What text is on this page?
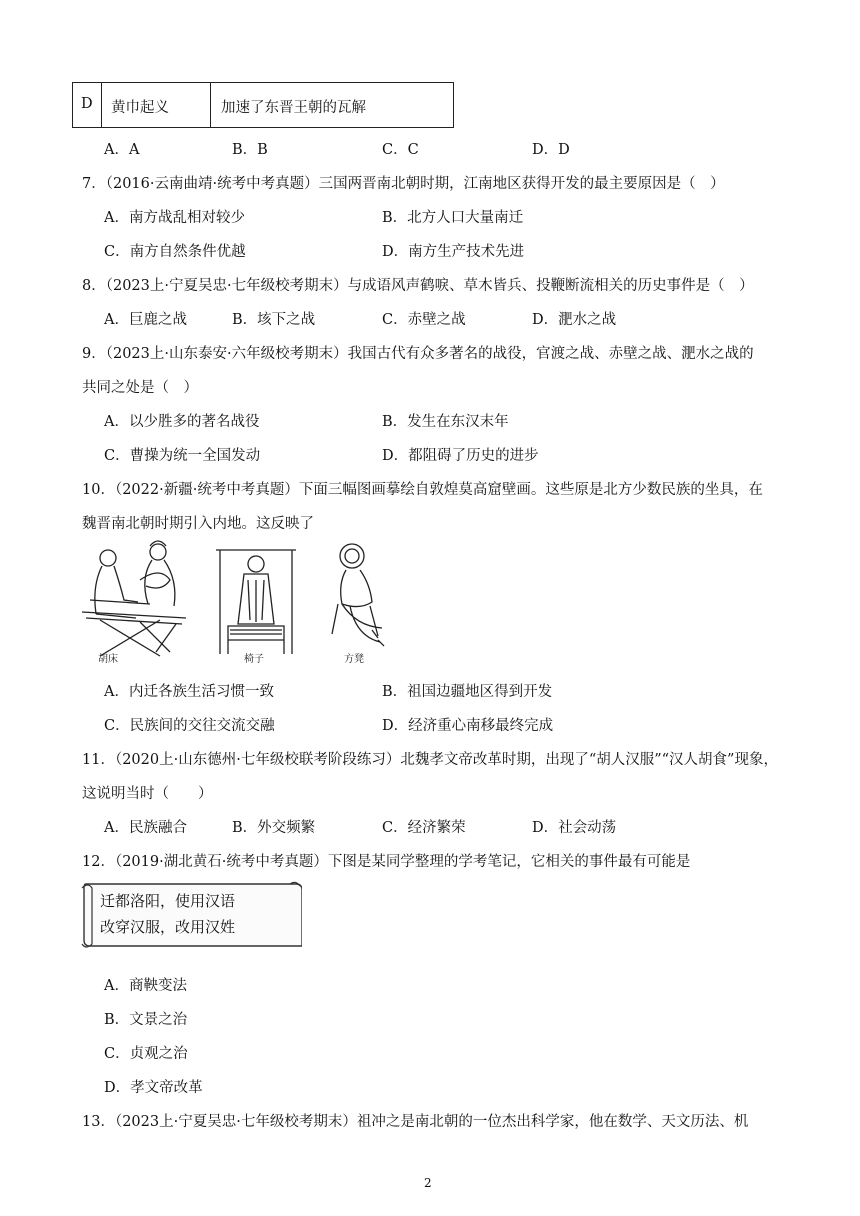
D 黄巾起义	加速了东晋王朝的瓦解
A．A	B．B	C．C	D．D
7．（2016·云南曲靖·统考中考真题）三国两晋南北朝时期，江南地区获得开发的最主要原因是（　）
A．南方战乱相对较少	B．北方人口大量南迁
C．南方自然条件优越	D．南方生产技术先进
8．（2023上·宁夏吴忠·七年级校考期末）与成语风声鹤唳、草木皆兵、投鞭断流相关的历史事件是（　）
A．巨鹿之战	B．垓下之战	C．赤壁之战	D．淝水之战
9．（2023上·山东泰安·六年级校考期末）我国古代有众多著名的战役，官渡之战、赤壁之战、淝水之战的
共同之处是（　）
A．以少胜多的著名战役	B．发生在东汉末年
C．曹操为统一全国发动	D．都阻碍了历史的进步
10．（2022·新疆·统考中考真题）下面三幅图画摹绘自敦煌莫高窟壁画。这些原是北方少数民族的坐具，在
魏晋南北朝时期引入内地。这反映了
胡床	椅子	方凳
A．内迁各族生活习惯一致	B．祖国边疆地区得到开发
C．民族间的交往交流交融	D．经济重心南移最终完成
11．（2020上·山东德州·七年级校联考阶段练习）北魏孝文帝改革时期，出现了“胡人汉服”“汉人胡食”现象，
这说明当时（　　）
A．民族融合	B．外交频繁	C．经济繁荣	D．社会动荡
12．（2019·湖北黄石·统考中考真题）下图是某同学整理的学考笔记，它相关的事件最有可能是
迁都洛阳，使用汉语
改穿汉服，改用汉姓
A．商鞅变法
B．文景之治
C．贞观之治
D．孝文帝改革
13．（2023上·宁夏吴忠·七年级校考期末）祖冲之是南北朝的一位杰出科学家，他在数学、天文历法、机
2
